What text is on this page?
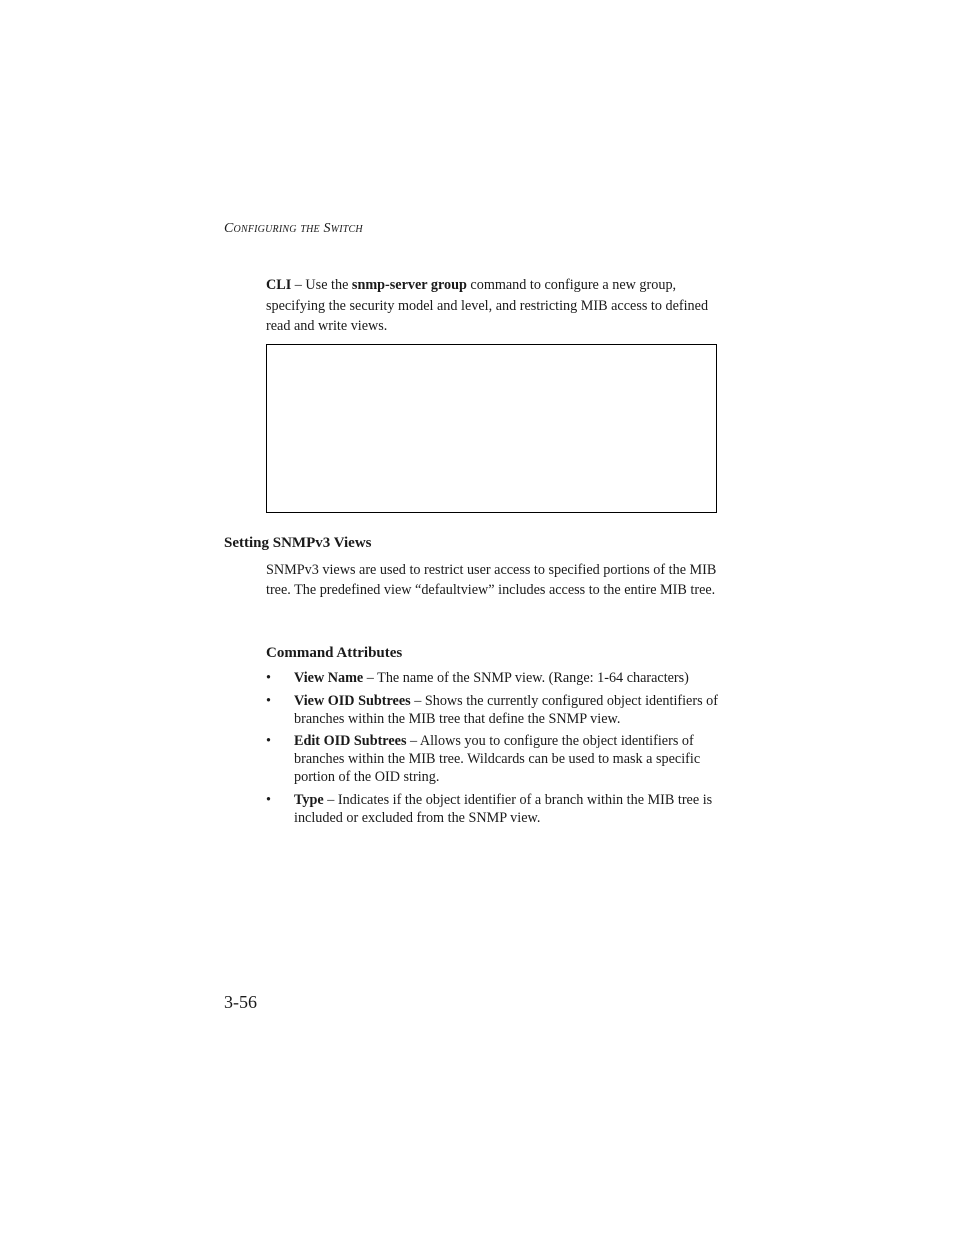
Configuring the Switch

CLI – Use the snmp-server group command to configure a new group, specifying the security model and level, and restricting MIB access to defined read and write views.

Setting SNMPv3 Views

SNMPv3 views are used to restrict user access to specified portions of the MIB tree. The predefined view “defaultview” includes access to the entire MIB tree.

Command Attributes
• View Name – The name of the SNMP view. (Range: 1-64 characters)
• View OID Subtrees – Shows the currently configured object identifiers of branches within the MIB tree that define the SNMP view.
• Edit OID Subtrees – Allows you to configure the object identifiers of branches within the MIB tree. Wildcards can be used to mask a specific portion of the OID string.
• Type – Indicates if the object identifier of a branch within the MIB tree is included or excluded from the SNMP view.
3-56
